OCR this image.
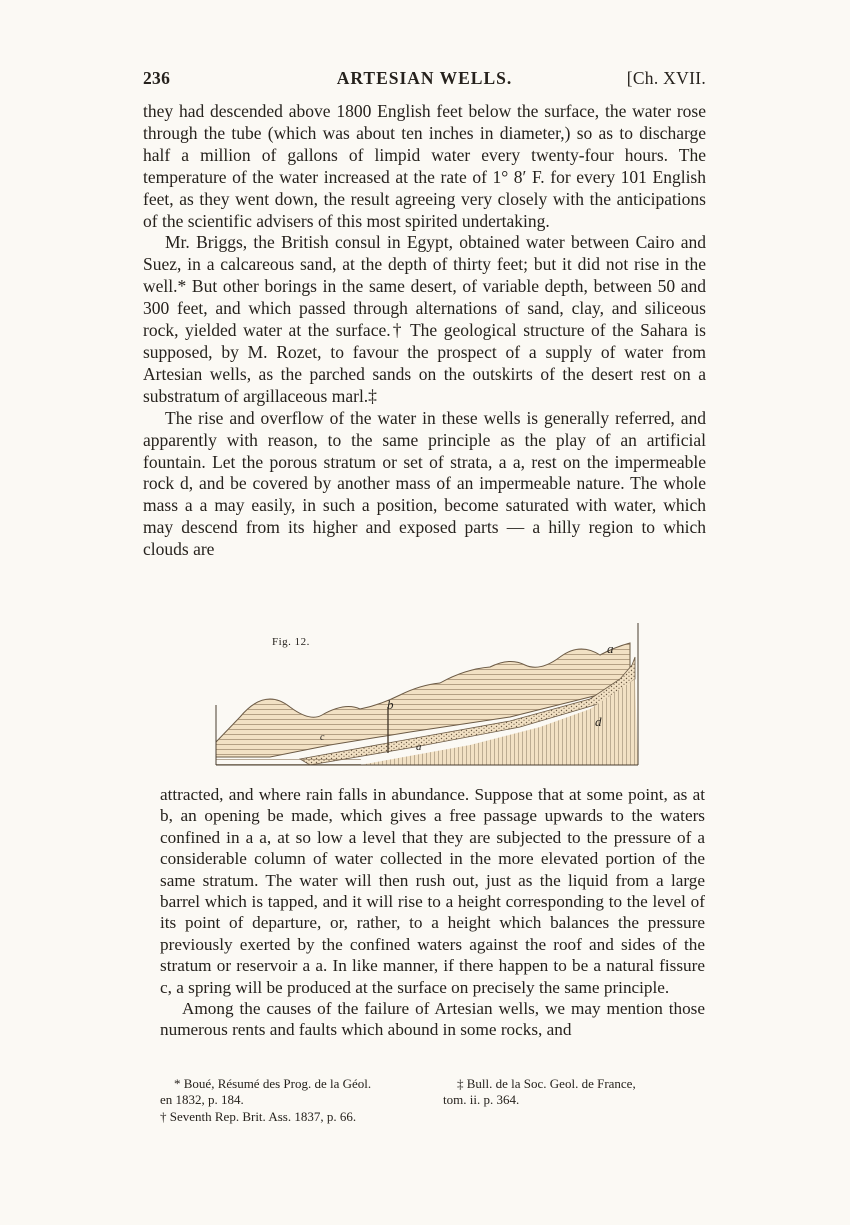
236	ARTESIAN WELLS.	[Ch. XVII.

they had descended above 1800 English feet below the surface, the water rose through the tube (which was about ten inches in diameter,) so as to discharge half a million of gallons of limpid water every twenty-four hours. The temperature of the water increased at the rate of 1° 8′ F. for every 101 English feet, as they went down, the result agreeing very closely with the anticipations of the scientific advisers of this most spirited undertaking.

Mr. Briggs, the British consul in Egypt, obtained water between Cairo and Suez, in a calcareous sand, at the depth of thirty feet; but it did not rise in the well.* But other borings in the same desert, of variable depth, between 50 and 300 feet, and which passed through alternations of sand, clay, and siliceous rock, yielded water at the surface.† The geological structure of the Sahara is supposed, by M. Rozet, to favour the prospect of a supply of water from Artesian wells, as the parched sands on the outskirts of the desert rest on a substratum of argillaceous marl.‡

The rise and overflow of the water in these wells is generally referred, and apparently with reason, to the same principle as the play of an artificial fountain. Let the porous stratum or set of strata, a a, rest on the impermeable rock d, and be covered by another mass of an impermeable nature. The whole mass a a may easily, in such a position, become saturated with water, which may descend from its higher and exposed parts — a hilly region to which clouds are

Fig. 12.	a
a
b
c
d

attracted, and where rain falls in abundance. Suppose that at some point, as at b, an opening be made, which gives a free passage upwards to the waters confined in a a, at so low a level that they are subjected to the pressure of a considerable column of water collected in the more elevated portion of the same stratum. The water will then rush out, just as the liquid from a large barrel which is tapped, and it will rise to a height corresponding to the level of its point of departure, or, rather, to a height which balances the pressure previously exerted by the confined waters against the roof and sides of the stratum or reservoir a a. In like manner, if there happen to be a natural fissure c, a spring will be produced at the surface on precisely the same principle.

Among the causes of the failure of Artesian wells, we may mention those numerous rents and faults which abound in some rocks, and

* Boué, Résumé des Prog. de la Géol.
en 1832, p. 184.
† Seventh Rep. Brit. Ass. 1837, p. 66.
‡ Bull. de la Soc. Geol. de France,
tom. ii. p. 364.
